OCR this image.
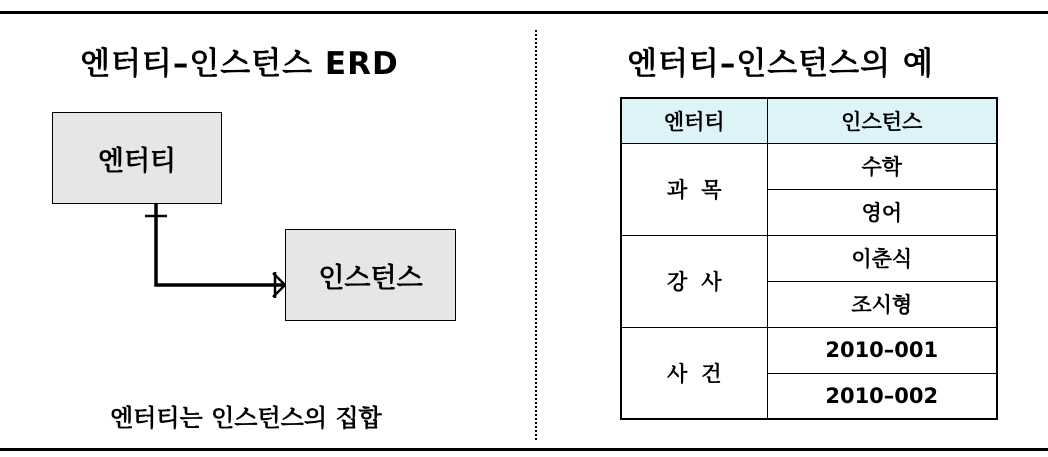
엔터티–인스턴스 ERD
엔터티
인스턴스
엔터티는 인스턴스의 집합
엔터티–인스턴스의 예
엔터티	인스턴스
과목	수학
	영어
강사	이춘식
	조시형
사건	2010–001
	2010–002
